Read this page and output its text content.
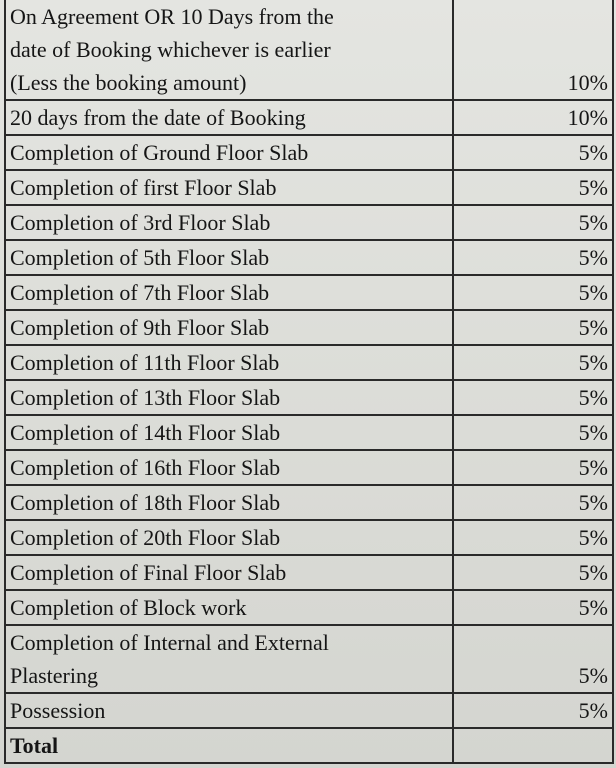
On Agreement OR 10 Days from the
date of Booking whichever is earlier
(Less the booking amount)	10%
20 days from the date of Booking	10%
Completion of Ground Floor Slab	5%
Completion of first Floor Slab	5%
Completion of 3rd Floor Slab	5%
Completion of 5th Floor Slab	5%
Completion of 7th Floor Slab	5%
Completion of 9th Floor Slab	5%
Completion of 11th Floor Slab	5%
Completion of 13th Floor Slab	5%
Completion of 14th Floor Slab	5%
Completion of 16th Floor Slab	5%
Completion of 18th Floor Slab	5%
Completion of 20th Floor Slab	5%
Completion of Final Floor Slab	5%
Completion of Block work	5%

Completion of Internal and External
Plastering	5%
Possession	5%
Total	
